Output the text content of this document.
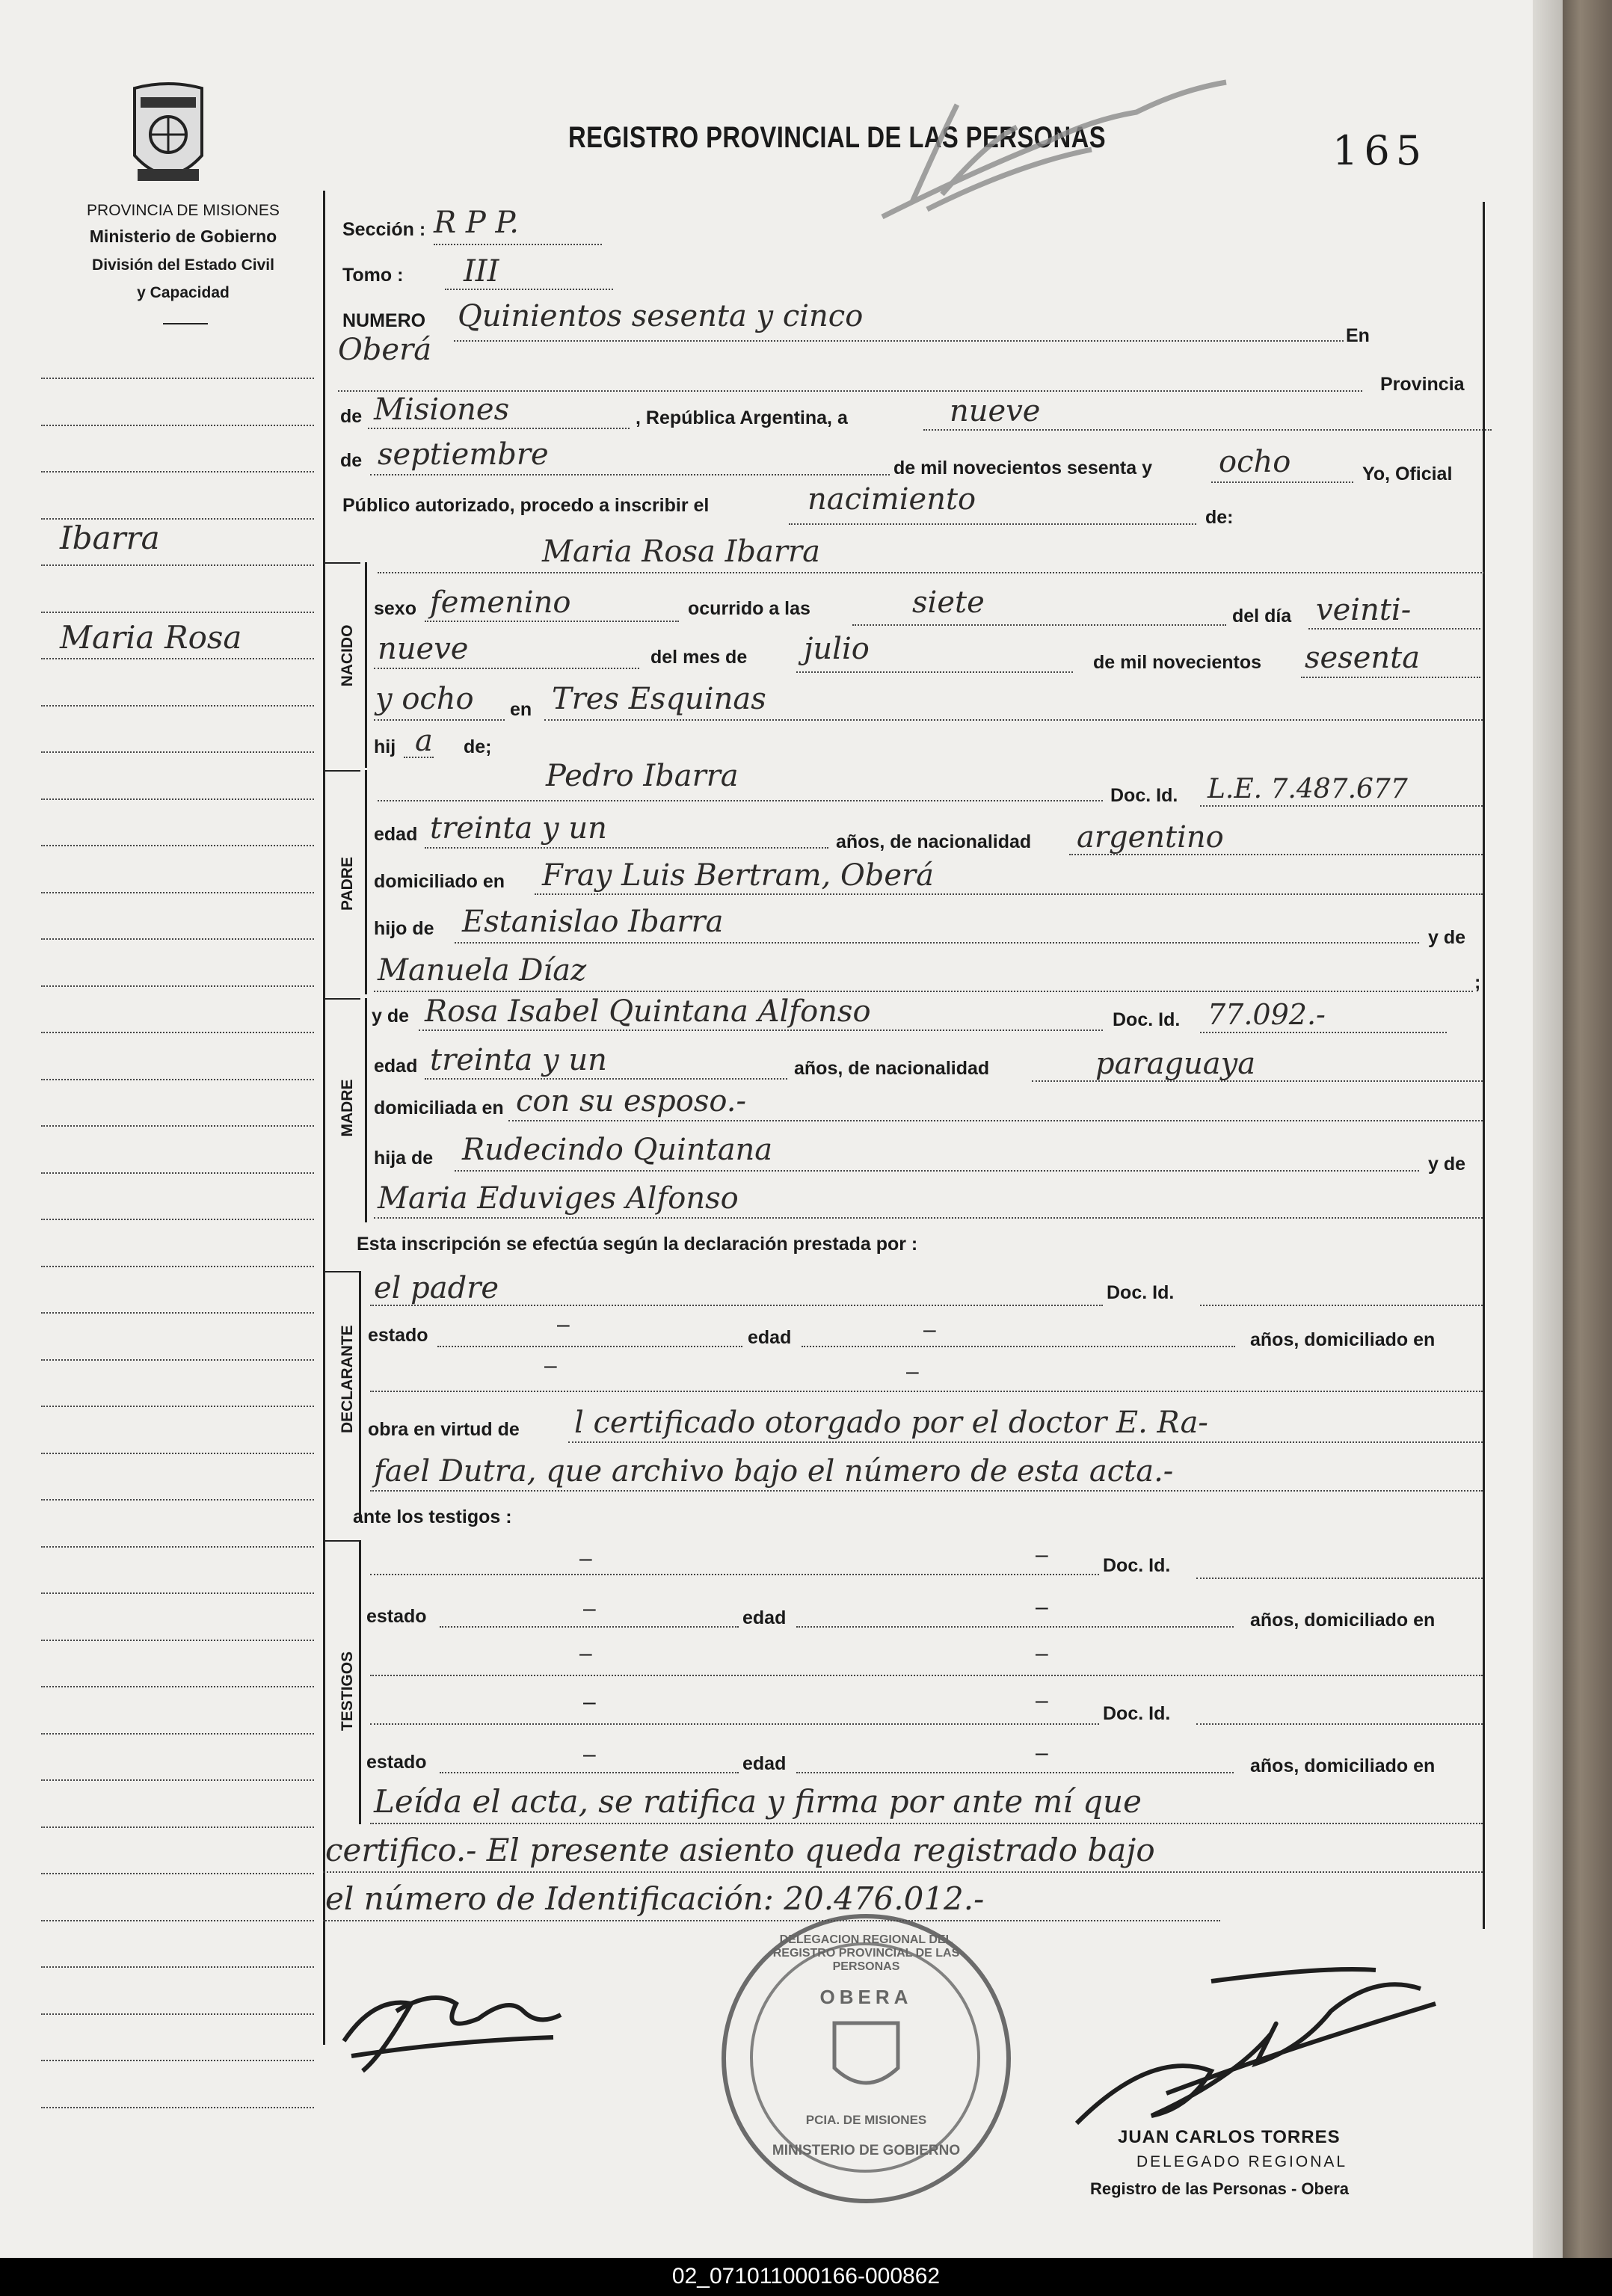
PROVINCIA DE MISIONES
Ministerio de Gobierno
División del Estado Civil
y Capacidad
REGISTRO PROVINCIAL DE LAS PERSONAS	165
Ibarra
Maria Rosa
Sección : R P P.
Tomo : III
NUMERO Quinientos sesenta y cinco
En
Oberá
Provincia
de Misiones	, República Argentina, a	nueve
de septiembre	de mil novecientos sesenta y ocho	Yo, Oficial
Público autorizado, procedo a inscribir el	nacimiento
de:
NACIDO
Maria Rosa Ibarra
sexo femenino	ocurrido a las	siete	del día veinti-
nueve	del mes de julio	de mil novecientos sesenta
y ocho en Tres Esquinas
hij a de;
PADRE
Pedro Ibarra
Doc. Id. L.E. 7.487.677
edad treinta y un	años, de nacionalidad argentino
domiciliado en Fray Luis Bertram, Oberá
hijo de Estanislao Ibarra	y de
Manuela Díaz	;
MADRE
y de Rosa Isabel Quintana Alfonso	Doc. Id. 77.092.-
edad treinta y un	años, de nacionalidad	paraguaya
domiciliada en con su esposo.-
hija de Rudecindo Quintana	y de
Maria Eduviges Alfonso
Esta inscripción se efectúa según la declaración prestada por :
DECLARANTE
el padre	Doc. Id.
estado	–
edad	–	años, domiciliado en
–	–
obra en virtud de l certificado otorgado por el doctor E. Ra-
fael Dutra, que archivo bajo el número de esta acta.-
ante los testigos :
TESTIGOS
–	–	Doc. Id.
estado	–	edad	–
años, domiciliado en
–	–
–	–
Doc. Id.
estado	–	edad	–
años, domiciliado en
Leída el acta, se ratifica y firma por ante mí que
certifico.- El presente asiento queda registrado bajo
el número de Identificación: 20.476.012.-
DELEGACION REGIONAL DEL REGISTRO PROVINCIAL DE LAS PERSONAS
OBERA
PCIA. DE MISIONES
MINISTERIO DE GOBIERNO
JUAN CARLOS TORRES
DELEGADO REGIONAL
Registro de las Personas - Obera
02_071011000166-000862
